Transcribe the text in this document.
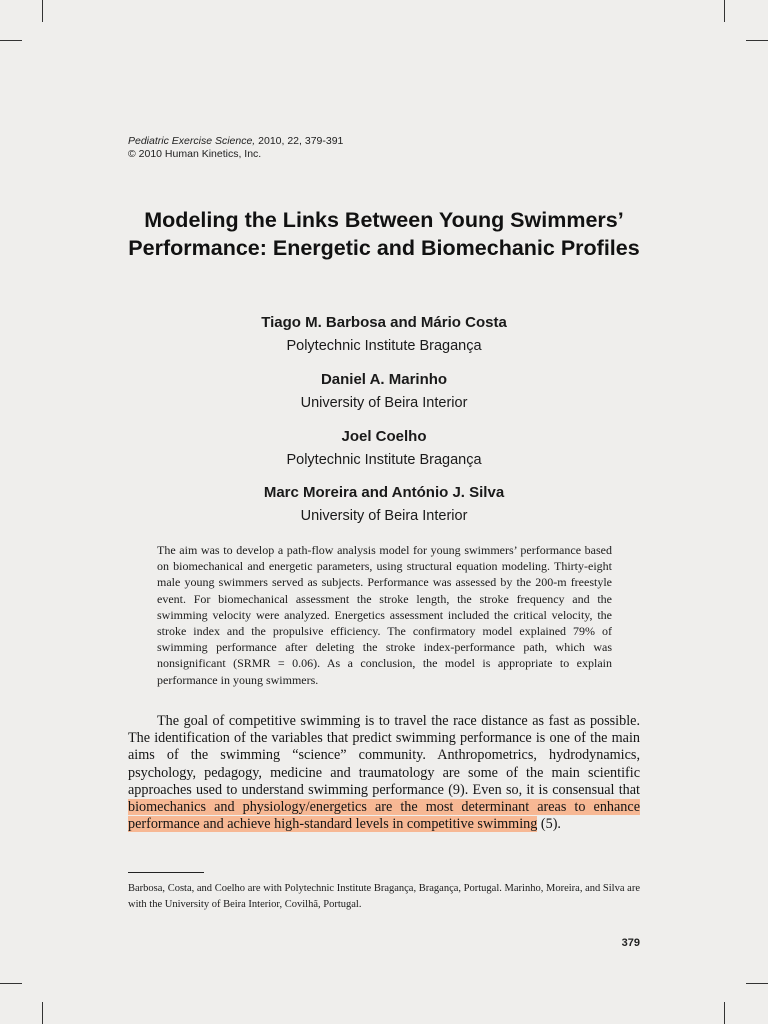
Pediatric Exercise Science, 2010, 22, 379-391
© 2010 Human Kinetics, Inc.
Modeling the Links Between Young Swimmers’ Performance: Energetic and Biomechanic Profiles
Tiago M. Barbosa and Mário Costa
Polytechnic Institute Bragança
Daniel A. Marinho
University of Beira Interior
Joel Coelho
Polytechnic Institute Bragança
Marc Moreira and António J. Silva
University of Beira Interior

The aim was to develop a path-flow analysis model for young swimmers’ performance based on biomechanical and energetic parameters, using structural equation modeling. Thirty-eight male young swimmers served as subjects. Performance was assessed by the 200-m freestyle event. For biomechanical assessment the stroke length, the stroke frequency and the swimming velocity were analyzed. Energetics assessment included the critical velocity, the stroke index and the propulsive efficiency. The confirmatory model explained 79% of swimming performance after deleting the stroke index-performance path, which was nonsignificant (SRMR = 0.06). As a conclusion, the model is appropriate to explain performance in young swimmers.

The goal of competitive swimming is to travel the race distance as fast as possible. The identification of the variables that predict swimming performance is one of the main aims of the swimming “science” community. Anthropometrics, hydrodynamics, psychology, pedagogy, medicine and traumatology are some of the main scientific approaches used to understand swimming performance (9). Even so, it is consensual that biomechanics and physiology/energetics are the most determinant areas to enhance performance and achieve high-standard levels in competitive swimming (5).

Barbosa, Costa, and Coelho are with Polytechnic Institute Bragança, Bragança, Portugal. Marinho, Moreira, and Silva are with the University of Beira Interior, Covilhã, Portugal.

379
